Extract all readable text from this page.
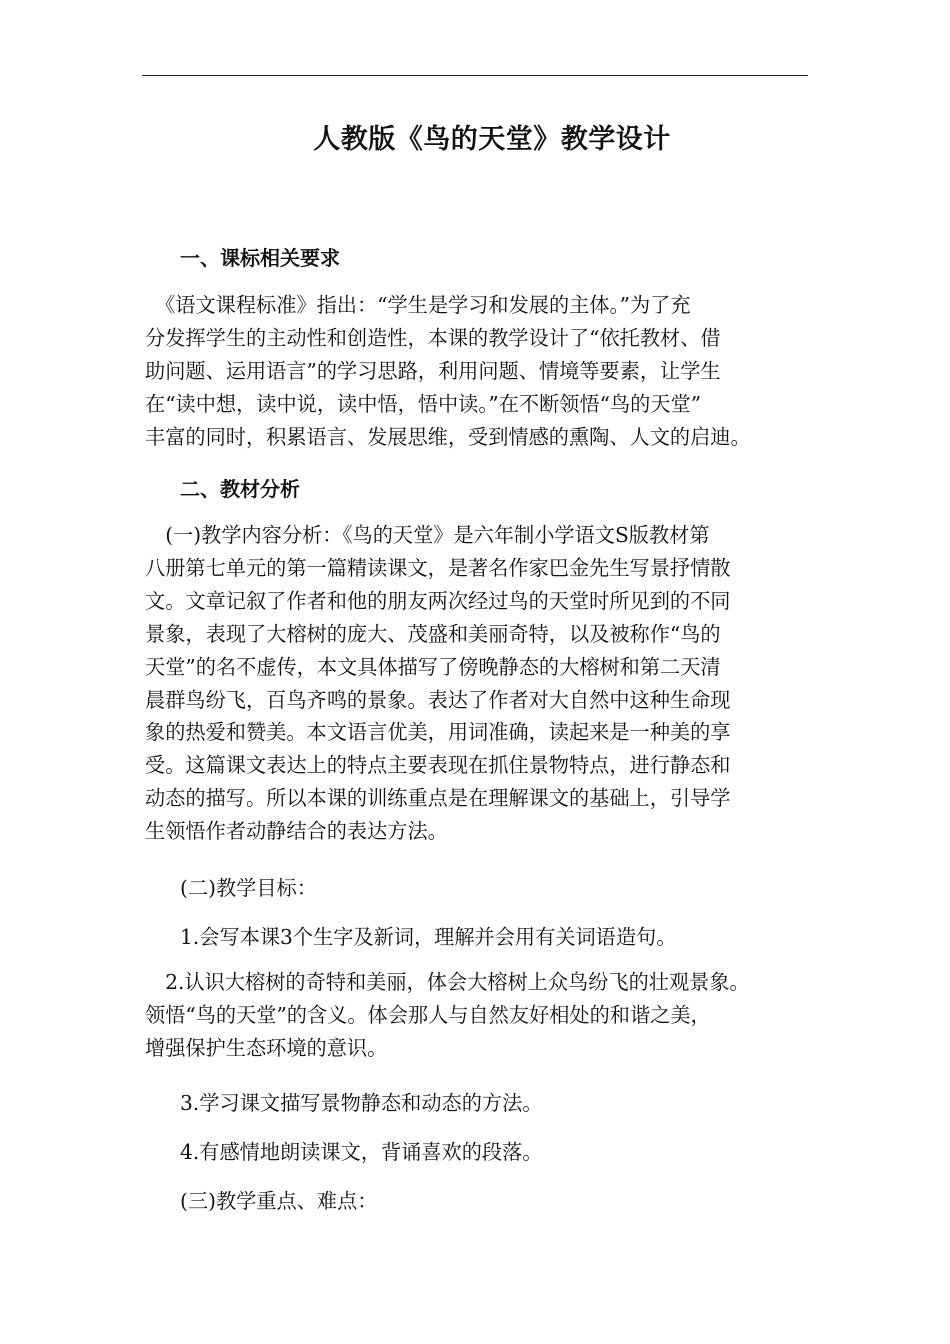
人教版《鸟的天堂》教学设计
一、课标相关要求
　《语文课程标准》指出：“学生是学习和发展的主体。”为了充
分发挥学生的主动性和创造性，本课的教学设计了“依托教材、借
助问题、运用语言”的学习思路，利用问题、情境等要素，让学生
在“读中想，读中说，读中悟，悟中读。”在不断领悟“鸟的天堂”
丰富的同时，积累语言、发展思维，受到情感的熏陶、人文的启迪。
二、教材分析
　(一)教学内容分析：《鸟的天堂》是六年制小学语文S版教材第
八册第七单元的第一篇精读课文，是著名作家巴金先生写景抒情散
文。文章记叙了作者和他的朋友两次经过鸟的天堂时所见到的不同
景象，表现了大榕树的庞大、茂盛和美丽奇特，以及被称作“鸟的
天堂”的名不虚传，本文具体描写了傍晚静态的大榕树和第二天清
晨群鸟纷飞，百鸟齐鸣的景象。表达了作者对大自然中这种生命现
象的热爱和赞美。本文语言优美，用词准确，读起来是一种美的享
受。这篇课文表达上的特点主要表现在抓住景物特点，进行静态和
动态的描写。所以本课的训练重点是在理解课文的基础上，引导学
生领悟作者动静结合的表达方法。
(二)教学目标：
1.会写本课3个生字及新词，理解并会用有关词语造句。
　2.认识大榕树的奇特和美丽，体会大榕树上众鸟纷飞的壮观景象。
领悟“鸟的天堂”的含义。体会那人与自然友好相处的和谐之美，
增强保护生态环境的意识。
3.学习课文描写景物静态和动态的方法。
4.有感情地朗读课文，背诵喜欢的段落。
(三)教学重点、难点：
